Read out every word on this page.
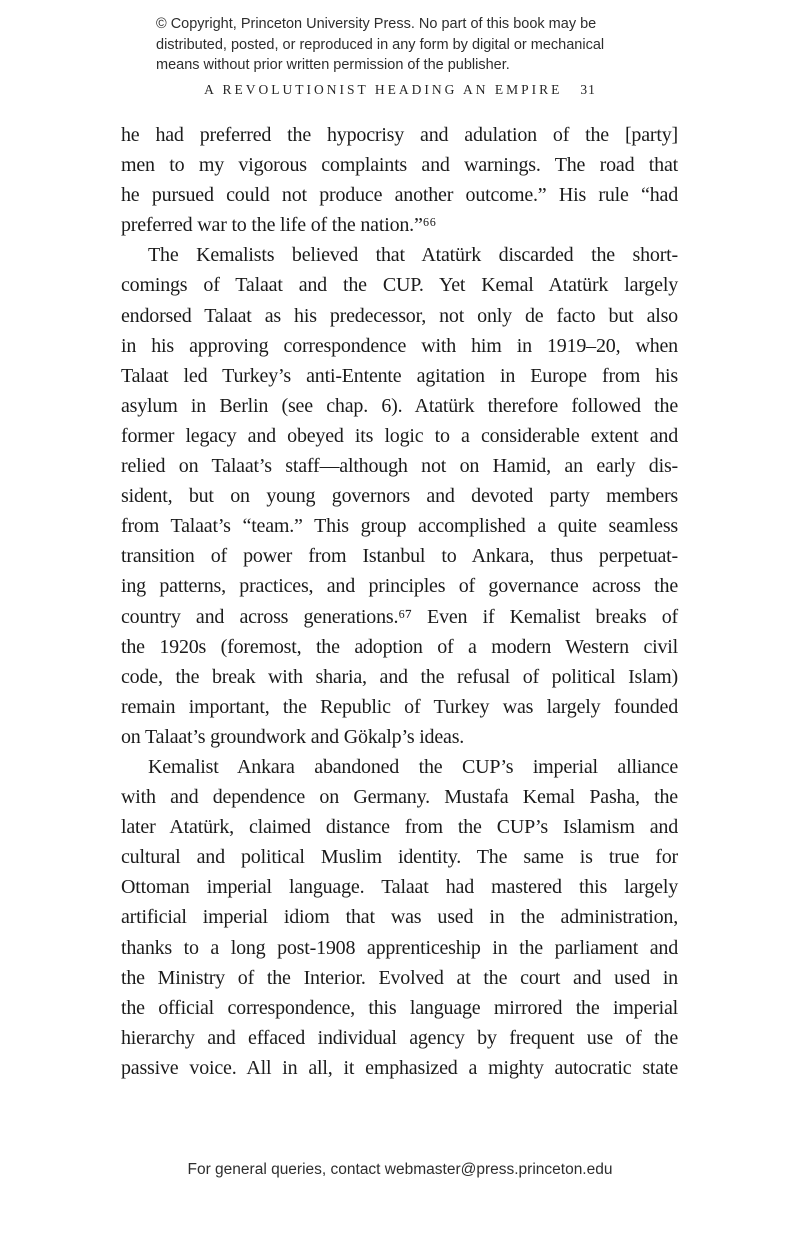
© Copyright, Princeton University Press. No part of this book may be
distributed, posted, or reproduced in any form by digital or mechanical
means without prior written permission of the publisher.
A REVOLUTIONIST HEADING AN EMPIRE 31
he had preferred the hypocrisy and adulation of the [party]
men to my vigorous complaints and warnings. The road that
he pursued could not produce another outcome.” His rule “had
preferred war to the life of the nation.”⁶⁶
The Kemalists believed that Atatürk discarded the short-
comings of Talaat and the CUP. Yet Kemal Atatürk largely
endorsed Talaat as his predecessor, not only de facto but also
in his approving correspondence with him in 1919–20, when
Talaat led Turkey’s anti-Entente agitation in Europe from his
asylum in Berlin (see chap. 6). Atatürk therefore followed the
former legacy and obeyed its logic to a considerable extent and
relied on Talaat’s staff—although not on Hamid, an early dis-
sident, but on young governors and devoted party members
from Talaat’s “team.” This group accomplished a quite seamless
transition of power from Istanbul to Ankara, thus perpetuat-
ing patterns, practices, and principles of governance across the
country and across generations.⁶⁷ Even if Kemalist breaks of
the 1920s (foremost, the adoption of a modern Western civil
code, the break with sharia, and the refusal of political Islam)
remain important, the Republic of Turkey was largely founded
on Talaat’s groundwork and Gökalp’s ideas.
Kemalist Ankara abandoned the CUP’s imperial alliance
with and dependence on Germany. Mustafa Kemal Pasha, the
later Atatürk, claimed distance from the CUP’s Islamism and
cultural and political Muslim identity. The same is true for
Ottoman imperial language. Talaat had mastered this largely
artificial imperial idiom that was used in the administration,
thanks to a long post-1908 apprenticeship in the parliament and
the Ministry of the Interior. Evolved at the court and used in
the official correspondence, this language mirrored the imperial
hierarchy and effaced individual agency by frequent use of the
passive voice. All in all, it emphasized a mighty autocratic state
For general queries, contact webmaster@press.princeton.edu
